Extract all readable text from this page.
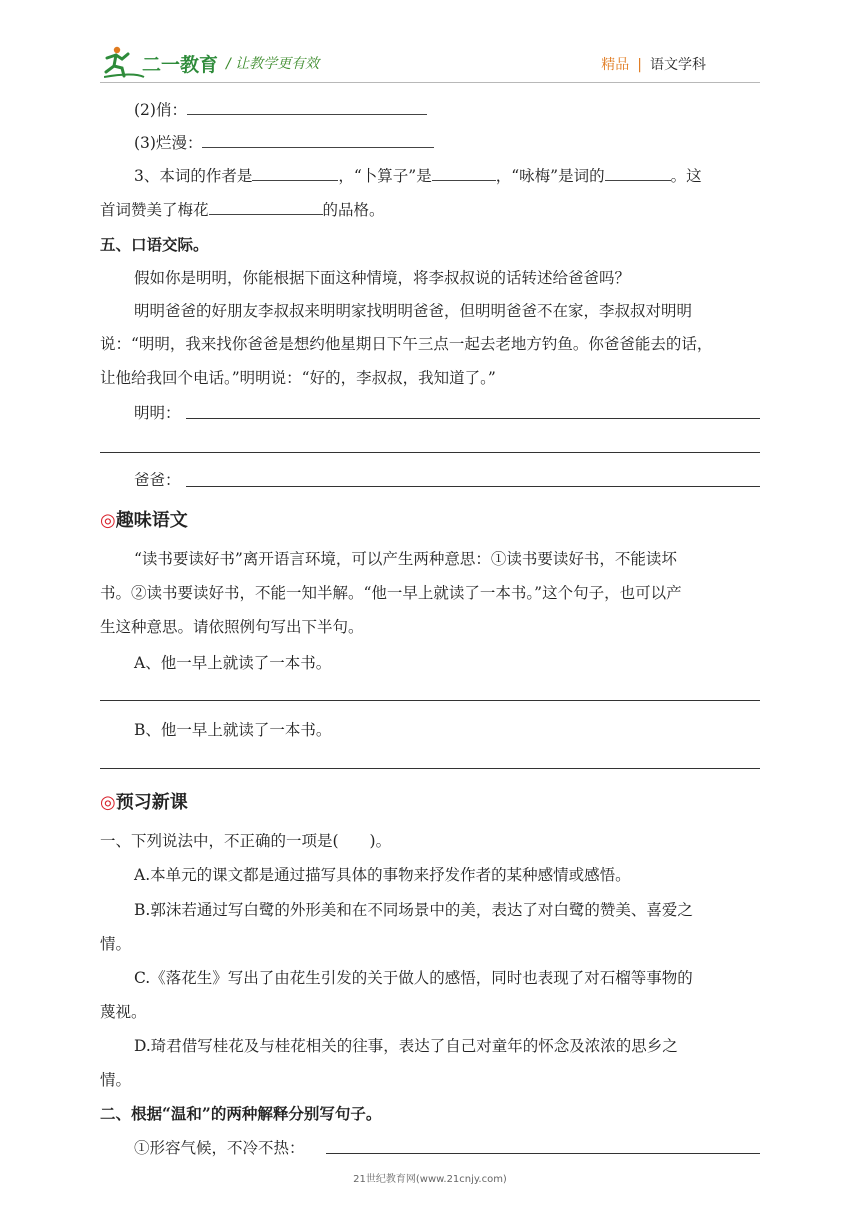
二一教育 / 让教学更有效	精品 | 语文学科
(2)俏：
(3)烂漫：
3、本词的作者是	，“卜算子”是	，“咏梅”是词的	。这
首词赞美了梅花	的品格。
五、口语交际。
假如你是明明，你能根据下面这种情境，将李叔叔说的话转述给爸爸吗？
明明爸爸的好朋友李叔叔来明明家找明明爸爸，但明明爸爸不在家，李叔叔对明明
说：“明明，我来找你爸爸是想约他星期日下午三点一起去老地方钓鱼。你爸爸能去的话，
让他给我回个电话。”明明说：“好的，李叔叔，我知道了。”
明明：
爸爸：
◎趣味语文
“读书要读好书”离开语言环境，可以产生两种意思：①读书要读好书，不能读坏
书。②读书要读好书，不能一知半解。“他一早上就读了一本书。”这个句子，也可以产
生这种意思。请依照例句写出下半句。
A、他一早上就读了一本书。
B、他一早上就读了一本书。
◎预习新课
一、下列说法中，不正确的一项是(　　)。
A.本单元的课文都是通过描写具体的事物来抒发作者的某种感情或感悟。
B.郭沫若通过写白鹭的外形美和在不同场景中的美，表达了对白鹭的赞美、喜爱之
情。
C.《落花生》写出了由花生引发的关于做人的感悟，同时也表现了对石榴等事物的
蔑视。
D.琦君借写桂花及与桂花相关的往事，表达了自己对童年的怀念及浓浓的思乡之
情。
二、根据“温和”的两种解释分别写句子。
①形容气候，不冷不热：
21世纪教育网(www.21cnjy.com)
